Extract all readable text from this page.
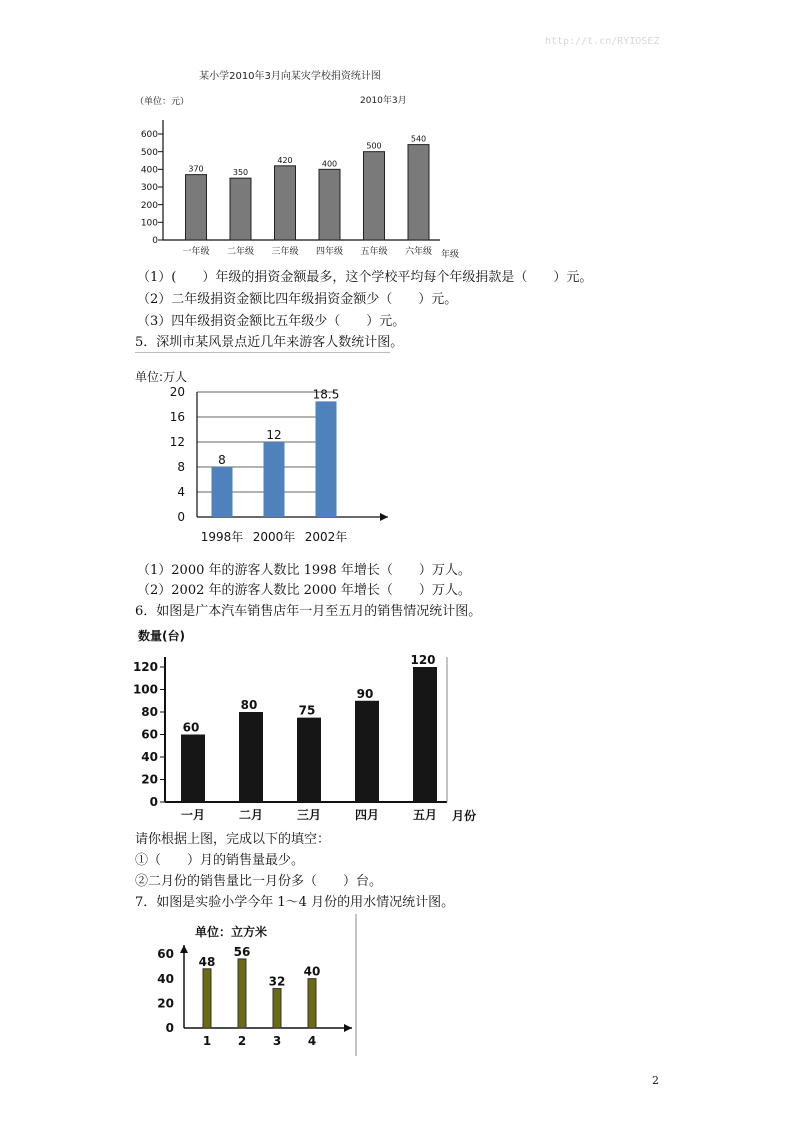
http://t.cn/RYIOSEZ
某小学2010年3月向某灾学校捐资统计图
2010年3月
（单位：元）
0
100
200
300
400
500
600
370
一年级
350
二年级
420
三年级
400
四年级
500
五年级
540
六年级 年级
（1）(　　）年级的捐资金额最多，这个学校平均每个年级捐款是（　　）元。
（2）二年级捐资金额比四年级捐资金额少（　　）元。
（3）四年级捐资金额比五年级少（　　）元。
5．深圳市某风景点近几年来游客人数统计图。
单位:万人
0
4
8
12
16
20
8
1998年
12
2000年
18.5
2002年
（1）2000 年的游客人数比 1998 年增长（　　）万人。
（2）2002 年的游客人数比 2000 年增长（　　）万人。
6．如图是广本汽车销售店年一月至五月的销售情况统计图。
数量(台)
0
20
40
60
80
100
120
60
一月
80
二月
75
三月
90
四月
120
五月 月份
请你根据上图，完成以下的填空：
①（　　）月的销售量最少。
②二月份的销售量比一月份多（　　）台。
7．如图是实验小学今年 1～4 月份的用水情况统计图。
单位：立方米
0
20
40
60
48
1
56
2
32
3
40
4
2
